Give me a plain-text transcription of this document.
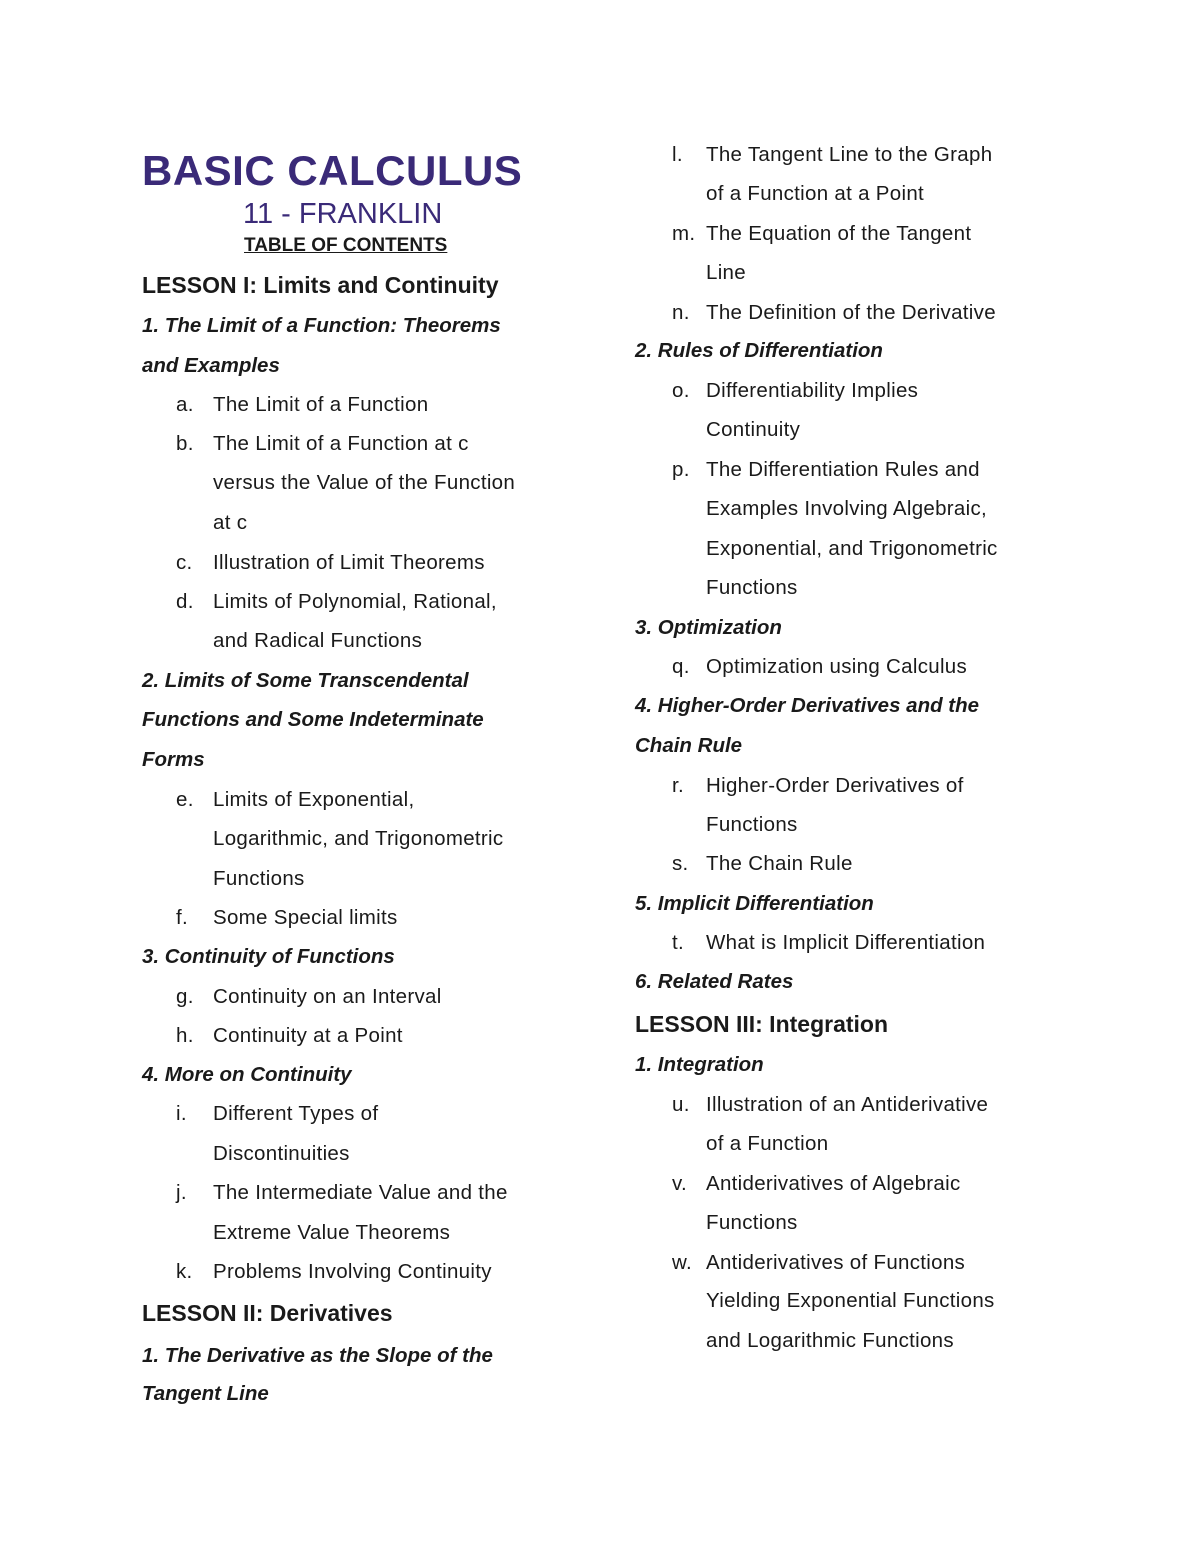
BASIC CALCULUS
11 - FRANKLIN
TABLE OF CONTENTS
LESSON I: Limits and Continuity
1. The Limit of a Function: Theorems
and Examples
a. The Limit of a Function
b. The Limit of a Function at c
versus the Value of the Function
at c
c. Illustration of Limit Theorems
d. Limits of Polynomial, Rational,
and Radical Functions
2. Limits of Some Transcendental
Functions and Some Indeterminate
Forms
e. Limits of Exponential,
Logarithmic, and Trigonometric
Functions
f. Some Special limits
3. Continuity of Functions
g. Continuity on an Interval
h. Continuity at a Point
4. More on Continuity
i. Different Types of
Discontinuities
j. The Intermediate Value and the
Extreme Value Theorems
k. Problems Involving Continuity
LESSON II: Derivatives
1. The Derivative as the Slope of the
Tangent Line
l. The Tangent Line to the Graph
of a Function at a Point
m. The Equation of the Tangent
Line
n. The Definition of the Derivative
2. Rules of Differentiation
o. Differentiability Implies
Continuity
p. The Differentiation Rules and
Examples Involving Algebraic,
Exponential, and Trigonometric
Functions
3. Optimization
q. Optimization using Calculus
4. Higher-Order Derivatives and the
Chain Rule
r. Higher-Order Derivatives of
Functions
s. The Chain Rule
5. Implicit Differentiation
t. What is Implicit Differentiation
6. Related Rates
LESSON III: Integration
1. Integration
u. Illustration of an Antiderivative
of a Function
v. Antiderivatives of Algebraic
Functions
w. Antiderivatives of Functions
Yielding Exponential Functions
and Logarithmic Functions
